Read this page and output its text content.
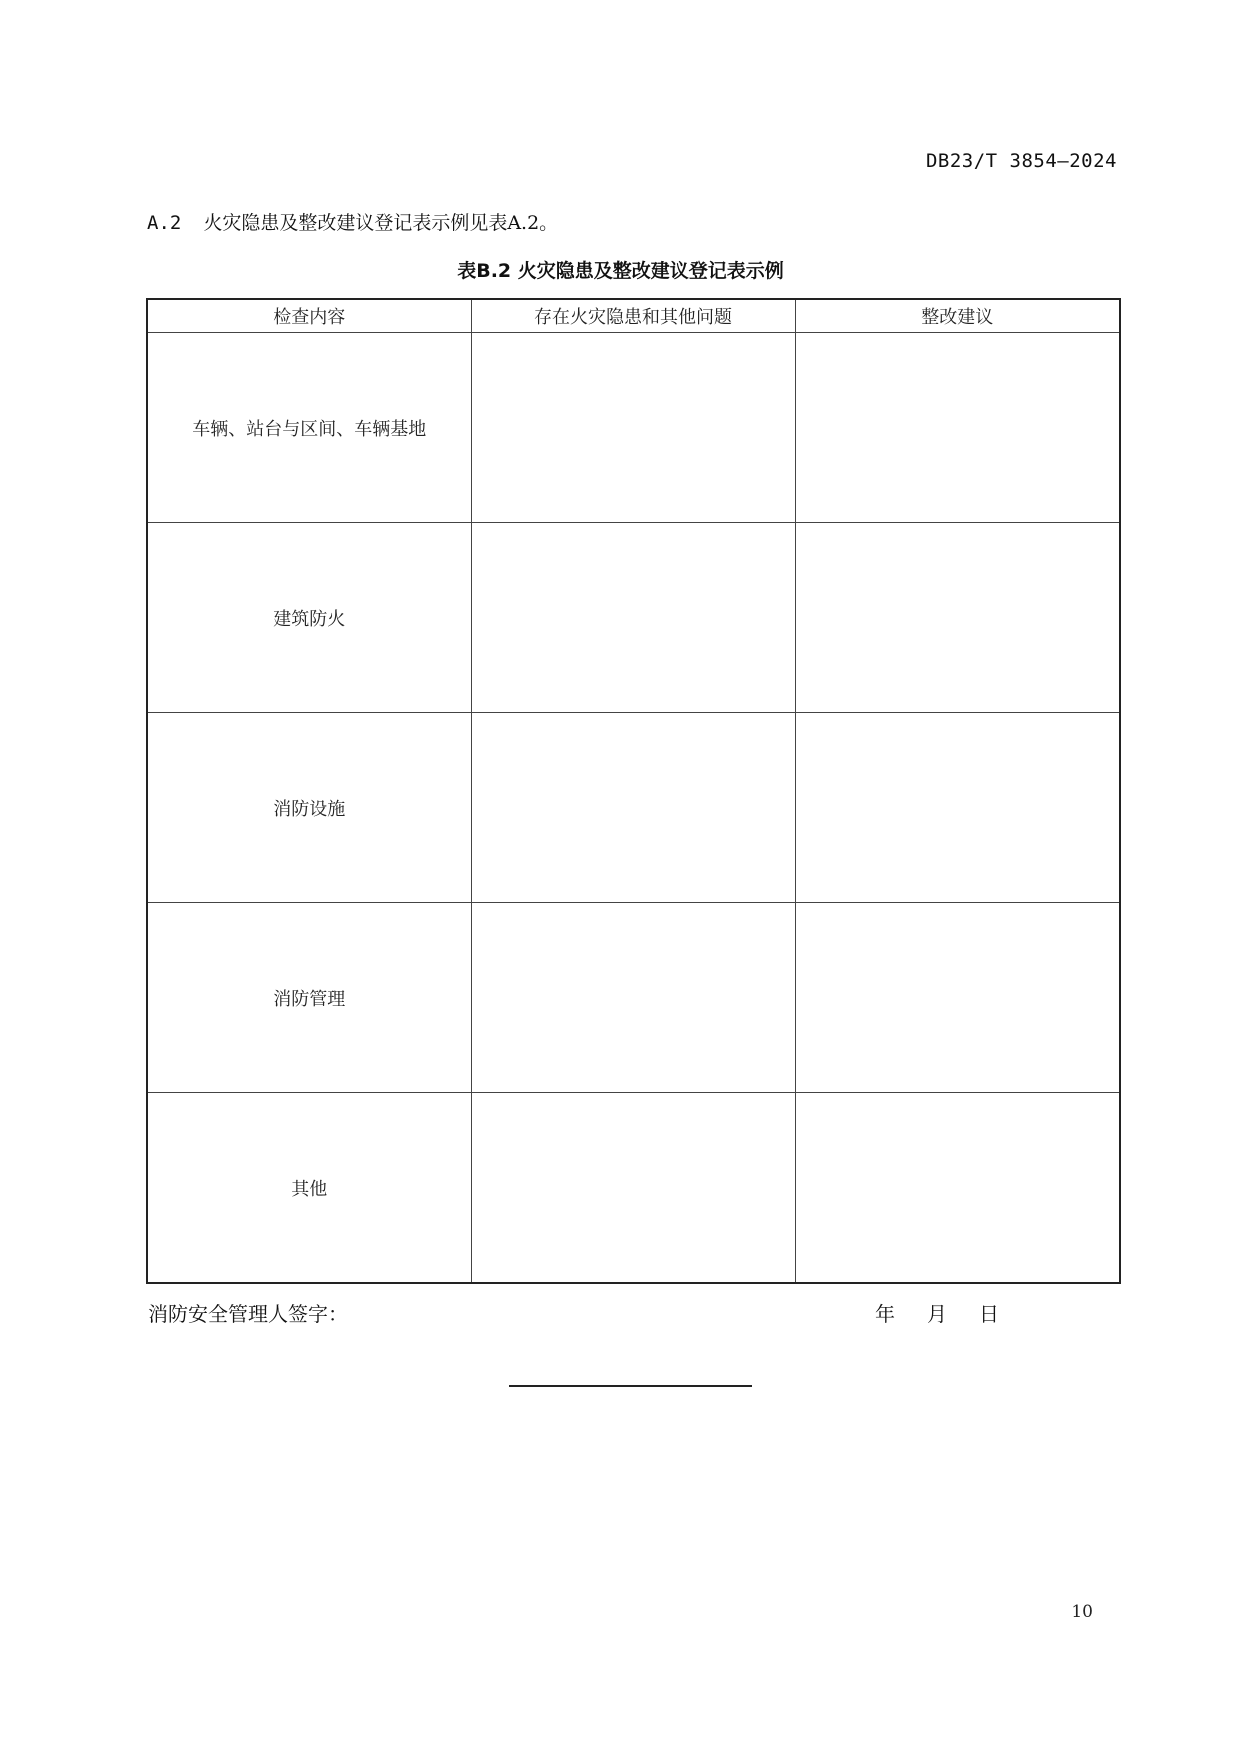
DB23/T 3854—2024
A.2 火灾隐患及整改建议登记表示例见表A.2。
表B.2 火灾隐患及整改建议登记表示例
检查内容	存在火灾隐患和其他问题	整改建议
车辆、站台与区间、车辆基地		
建筑防火		
消防设施		
消防管理		
其他		
消防安全管理人签字：	年 月 日
10
